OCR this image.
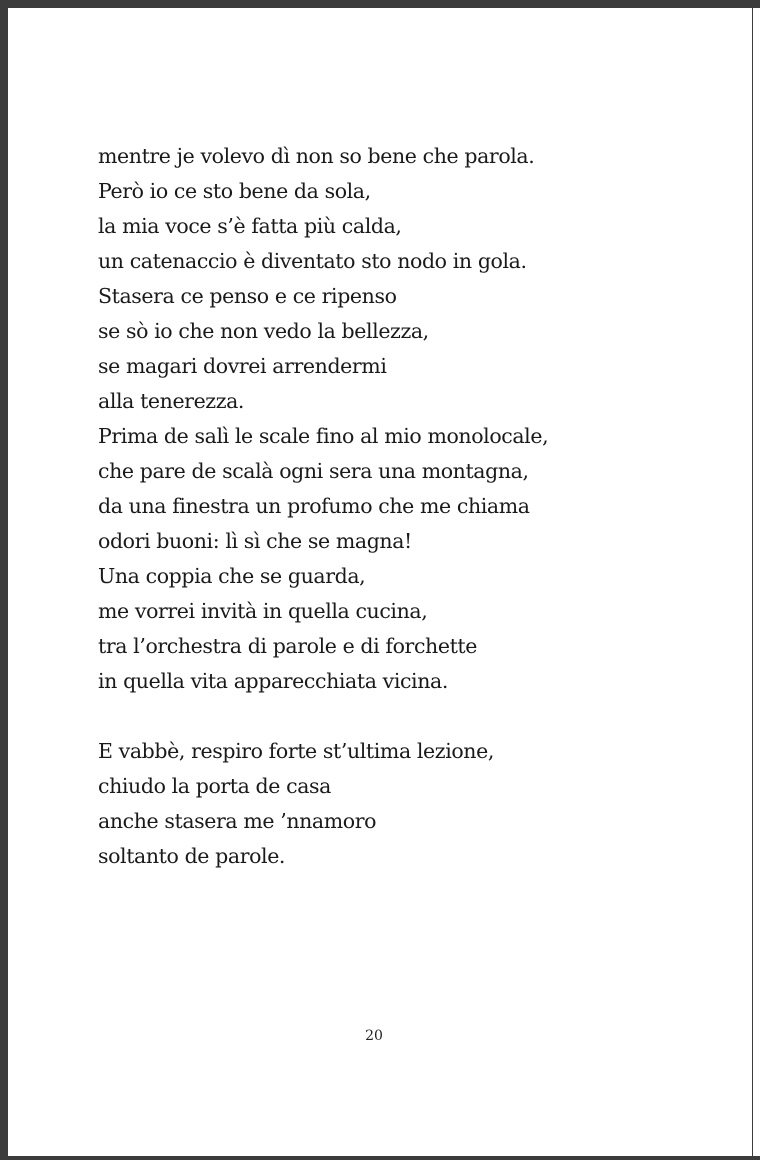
mentre je volevo dì non so bene che parola.
Però io ce sto bene da sola,
la mia voce s’è fatta più calda,
un catenaccio è diventato sto nodo in gola.
Stasera ce penso e ce ripenso
se sò io che non vedo la bellezza,
se magari dovrei arrendermi
alla tenerezza.
Prima de salì le scale fino al mio monolocale,
che pare de scalà ogni sera una montagna,
da una finestra un profumo che me chiama
odori buoni: lì sì che se magna!
Una coppia che se guarda,
me vorrei invità in quella cucina,
tra l’orchestra di parole e di forchette
in quella vita apparecchiata vicina.

E vabbè, respiro forte st’ultima lezione,
chiudo la porta de casa
anche stasera me ’nnamoro
soltanto de parole.

20
